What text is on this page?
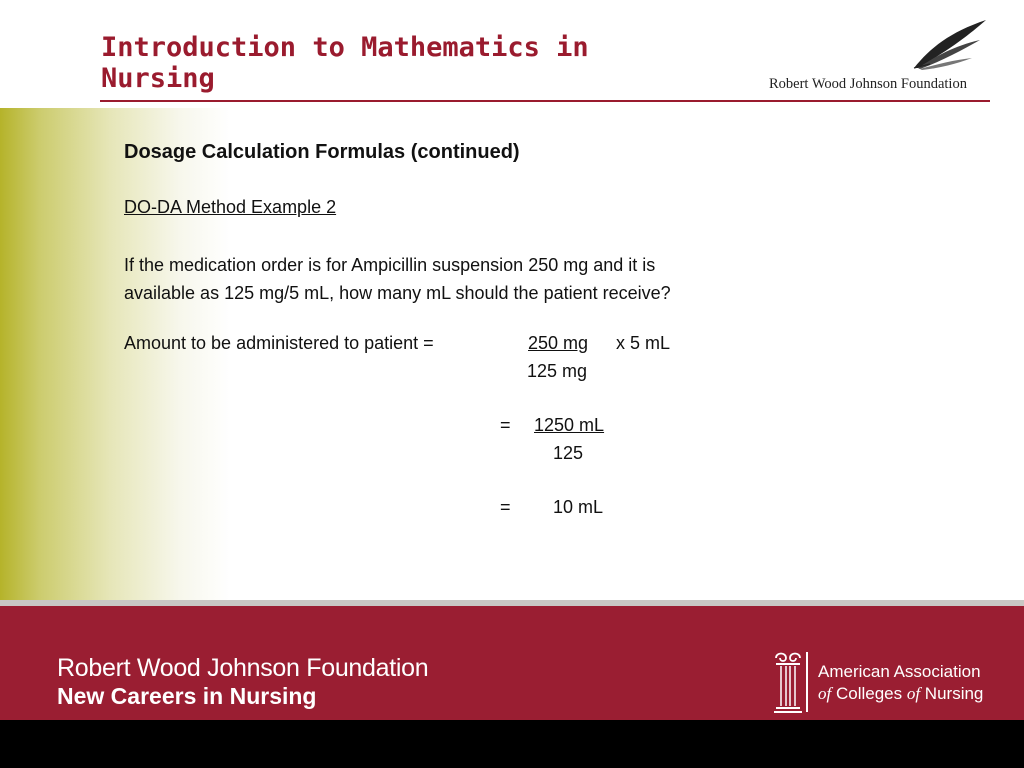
Introduction to Mathematics in
Nursing	Robert Wood Johnson Foundation
Dosage Calculation Formulas (continued)
DO-DA Method Example 2
If the medication order is for Ampicillin suspension 250 mg and it is
available as 125 mg/5 mL, how many mL should the patient receive?
Amount to be administered to patient =	250 mg x 5 mL
125 mg
= 1250 mL
125
= 10 mL
Robert Wood Johnson Foundation
New Careers in Nursing
American Association
of Colleges of Nursing
